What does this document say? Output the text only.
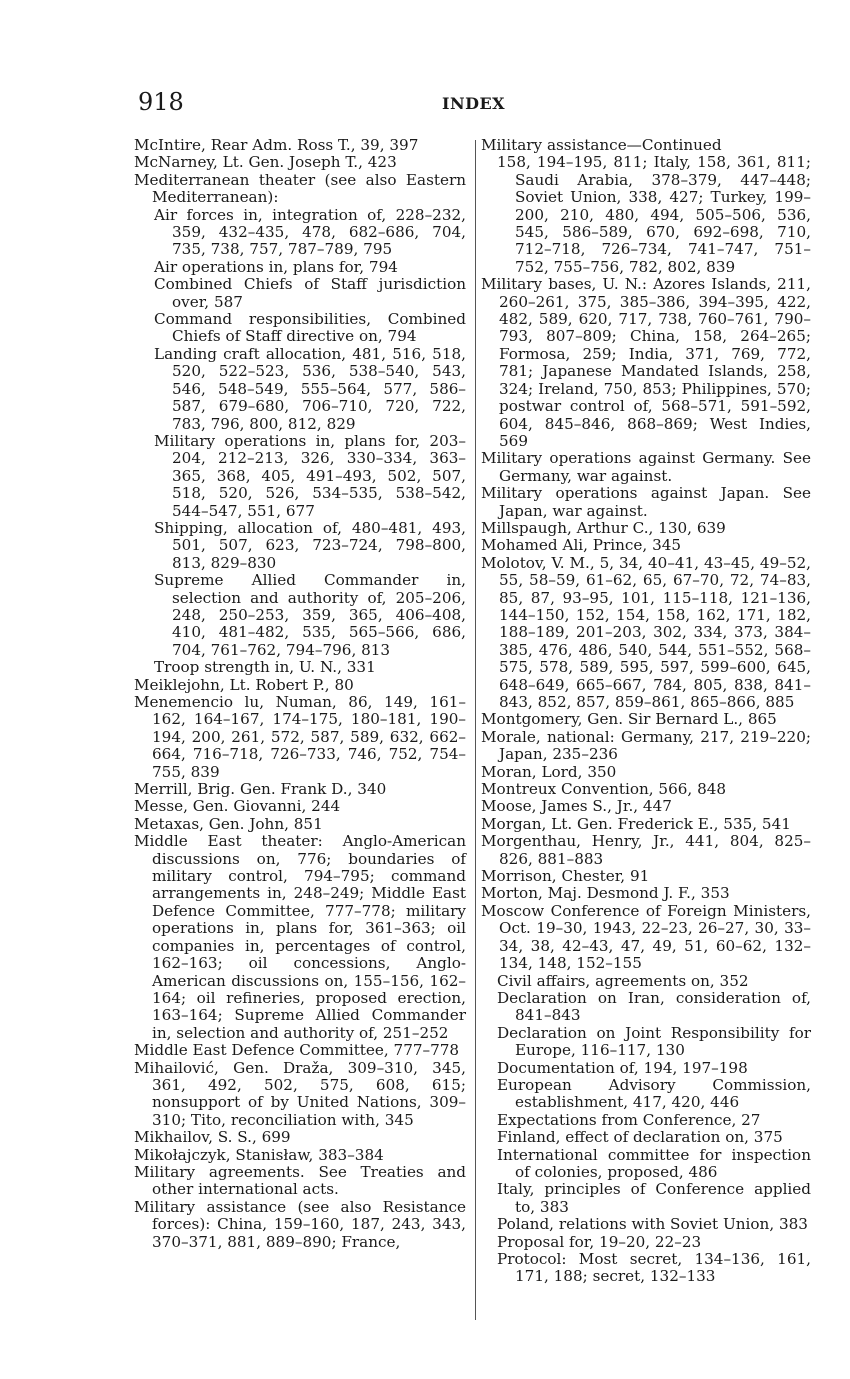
918	INDEX
McIntire, Rear Adm. Ross T., 39, 397
McNarney, Lt. Gen. Joseph T., 423
Mediterranean theater (see also Eastern Mediterranean):
Air forces in, integration of, 228–232, 359, 432–435, 478, 682–686, 704, 735, 738, 757, 787–789, 795
Air operations in, plans for, 794
Combined Chiefs of Staff jurisdiction over, 587
Command responsibilities, Combined Chiefs of Staff directive on, 794
Landing craft allocation, 481, 516, 518, 520, 522–523, 536, 538–540, 543, 546, 548–549, 555–564, 577, 586–587, 679–680, 706–710, 720, 722, 783, 796, 800, 812, 829
Military operations in, plans for, 203–204, 212–213, 326, 330–334, 363–365, 368, 405, 491–493, 502, 507, 518, 520, 526, 534–535, 538–542, 544–547, 551, 677
Shipping, allocation of, 480–481, 493, 501, 507, 623, 723–724, 798–800, 813, 829–830
Supreme Allied Commander in, selection and authority of, 205–206, 248, 250–253, 359, 365, 406–408, 410, 481–482, 535, 565–566, 686, 704, 761–762, 794–796, 813
Troop strength in, U. N., 331
Meiklejohn, Lt. Robert P., 80
Menemencio lu, Numan, 86, 149, 161–162, 164–167, 174–175, 180–181, 190–194, 200, 261, 572, 587, 589, 632, 662–664, 716–718, 726–733, 746, 752, 754–755, 839
Merrill, Brig. Gen. Frank D., 340
Messe, Gen. Giovanni, 244
Metaxas, Gen. John, 851
Middle East theater: Anglo-American discussions on, 776; boundaries of military control, 794–795; command arrangements in, 248–249; Middle East Defence Committee, 777–778; military operations in, plans for, 361–363; oil companies in, percentages of control, 162–163; oil concessions, Anglo-American discussions on, 155–156, 162–164; oil refineries, proposed erection, 163–164; Supreme Allied Commander in, selection and authority of, 251–252
Middle East Defence Committee, 777–778
Mihailović, Gen. Draža, 309–310, 345, 361, 492, 502, 575, 608, 615; nonsupport of by United Nations, 309–310; Tito, reconciliation with, 345
Mikhailov, S. S., 699
Mikołajczyk, Stanisław, 383–384
Military agreements. See Treaties and other international acts.
Military assistance (see also Resistance forces): China, 159–160, 187, 243, 343, 370–371, 881, 889–890; France,
Military assistance—Continued
158, 194–195, 811; Italy, 158, 361, 811; Saudi Arabia, 378–379, 447–448; Soviet Union, 338, 427; Turkey, 199–200, 210, 480, 494, 505–506, 536, 545, 586–589, 670, 692–698, 710, 712–718, 726–734, 741–747, 751–752, 755–756, 782, 802, 839
Military bases, U. N.: Azores Islands, 211, 260–261, 375, 385–386, 394–395, 422, 482, 589, 620, 717, 738, 760–761, 790–793, 807–809; China, 158, 264–265; Formosa, 259; India, 371, 769, 772, 781; Japanese Mandated Islands, 258, 324; Ireland, 750, 853; Philippines, 570; postwar control of, 568–571, 591–592, 604, 845–846, 868–869; West Indies, 569
Military operations against Germany. See Germany, war against.
Military operations against Japan. See Japan, war against.
Millspaugh, Arthur C., 130, 639
Mohamed Ali, Prince, 345
Molotov, V. M., 5, 34, 40–41, 43–45, 49–52, 55, 58–59, 61–62, 65, 67–70, 72, 74–83, 85, 87, 93–95, 101, 115–118, 121–136, 144–150, 152, 154, 158, 162, 171, 182, 188–189, 201–203, 302, 334, 373, 384–385, 476, 486, 540, 544, 551–552, 568–575, 578, 589, 595, 597, 599–600, 645, 648–649, 665–667, 784, 805, 838, 841–843, 852, 857, 859–861, 865–866, 885
Montgomery, Gen. Sir Bernard L., 865
Morale, national: Germany, 217, 219–220; Japan, 235–236
Moran, Lord, 350
Montreux Convention, 566, 848
Moose, James S., Jr., 447
Morgan, Lt. Gen. Frederick E., 535, 541
Morgenthau, Henry, Jr., 441, 804, 825–826, 881–883
Morrison, Chester, 91
Morton, Maj. Desmond J. F., 353
Moscow Conference of Foreign Ministers, Oct. 19–30, 1943, 22–23, 26–27, 30, 33–34, 38, 42–43, 47, 49, 51, 60–62, 132–134, 148, 152–155
Civil affairs, agreements on, 352
Declaration on Iran, consideration of, 841–843
Declaration on Joint Responsibility for Europe, 116–117, 130
Documentation of, 194, 197–198
European Advisory Commission, establishment, 417, 420, 446
Expectations from Conference, 27
Finland, effect of declaration on, 375
International committee for inspection of colonies, proposed, 486
Italy, principles of Conference applied to, 383
Poland, relations with Soviet Union, 383
Proposal for, 19–20, 22–23
Protocol: Most secret, 134–136, 161, 171, 188; secret, 132–133
